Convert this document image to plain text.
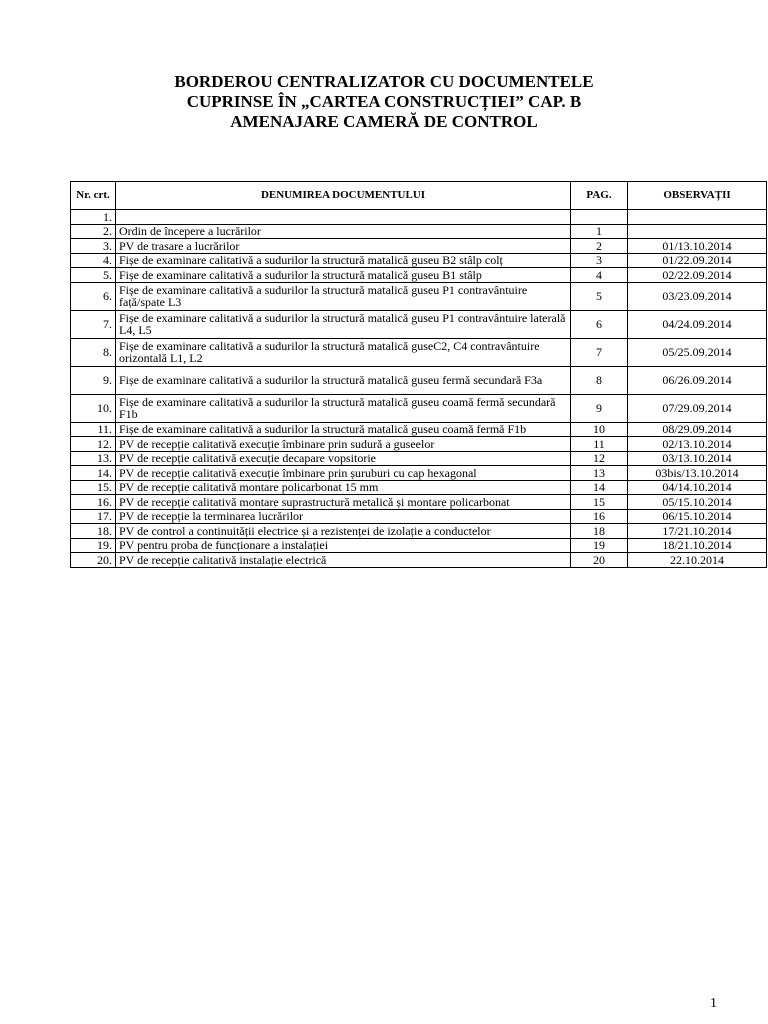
BORDEROU CENTRALIZATOR CU DOCUMENTELE
CUPRINSE ÎN „CARTEA CONSTRUCȚIEI” CAP. B
AMENAJARE CAMERĂ DE CONTROL
Nr. crt.	DENUMIREA DOCUMENTULUI	PAG.	OBSERVAȚII
1.			
2.	Ordin de începere a lucrărilor	1	
3.	PV de trasare a lucrărilor	2	01/13.10.2014
4.	Fișe de examinare calitativă a sudurilor la structură matalică guseu B2 stâlp colț	3	01/22.09.2014
5.	Fișe de examinare calitativă a sudurilor la structură matalică guseu B1 stâlp	4	02/22.09.2014
6.	Fișe de examinare calitativă a sudurilor la structură matalică guseu P1 contravântuire față/spate L3	5	03/23.09.2014
7.	Fișe de examinare calitativă a sudurilor la structură matalică guseu P1 contravântuire laterală L4, L5	6	04/24.09.2014
8.	Fișe de examinare calitativă a sudurilor la structură matalică guseC2, C4 contravântuire orizontală L1, L2	7	05/25.09.2014
9.	Fișe de examinare calitativă a sudurilor la structură matalică guseu fermă secundară F3a	8	06/26.09.2014
10.	Fișe de examinare calitativă a sudurilor la structură matalică guseu coamă fermă secundară F1b	9	07/29.09.2014
11.	Fișe de examinare calitativă a sudurilor la structură matalică guseu coamă fermă F1b	10	08/29.09.2014
12.	PV de recepție calitativă execuție îmbinare prin sudură a guseelor	11	02/13.10.2014
13.	PV de recepție calitativă execuție decapare vopsitorie	12	03/13.10.2014
14.	PV de recepție calitativă execuție îmbinare prin șuruburi cu cap hexagonal	13	03bis/13.10.2014
15.	PV de recepție calitativă montare policarbonat 15 mm	14	04/14.10.2014
16.	PV de recepție calitativă montare suprastructură metalică și montare policarbonat	15	05/15.10.2014
17.	PV de recepție la terminarea lucrărilor	16	06/15.10.2014
18.	PV de control a continuității electrice și a rezistenței de izolație a conductelor	18	17/21.10.2014
19.	PV pentru proba de funcționare a instalației	19	18/21.10.2014
20.	PV de recepție calitativă instalație electrică	20	22.10.2014
1
